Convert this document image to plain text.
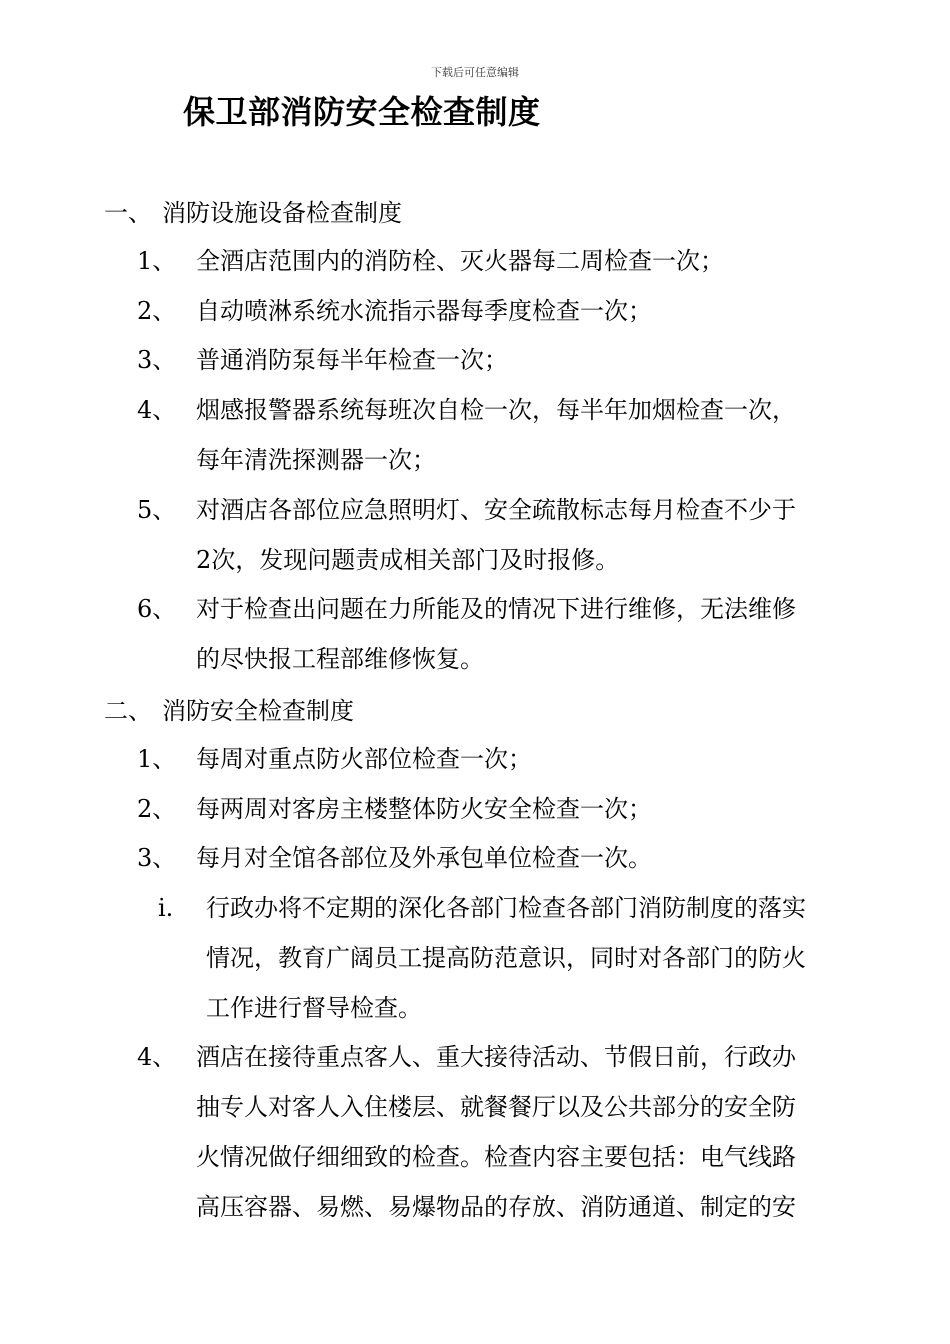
下载后可任意编辑
保卫部消防安全检查制度
一、 消防设施设备检查制度
1、 全酒店范围内的消防栓、灭火器每二周检查一次；
2、 自动喷淋系统水流指示器每季度检查一次；
3、 普通消防泵每半年检查一次；
4、 烟感报警器系统每班次自检一次，每半年加烟检查一次，
每年清洗探测器一次；
5、 对酒店各部位应急照明灯、安全疏散标志每月检查不少于
2次，发现问题责成相关部门及时报修。
6、 对于检查出问题在力所能及的情况下进行维修，无法维修
的尽快报工程部维修恢复。
二、 消防安全检查制度
1、 每周对重点防火部位检查一次；
2、 每两周对客房主楼整体防火安全检查一次；
3、 每月对全馆各部位及外承包单位检查一次。
i.	行政办将不定期的深化各部门检查各部门消防制度的落实
情况，教育广阔员工提高防范意识，同时对各部门的防火
工作进行督导检查。
4、 酒店在接待重点客人、重大接待活动、节假日前，行政办
抽专人对客人入住楼层、就餐餐厅以及公共部分的安全防
火情况做仔细细致的检查。检查内容主要包括：电气线路
高压容器、易燃、易爆物品的存放、消防通道、制定的安
